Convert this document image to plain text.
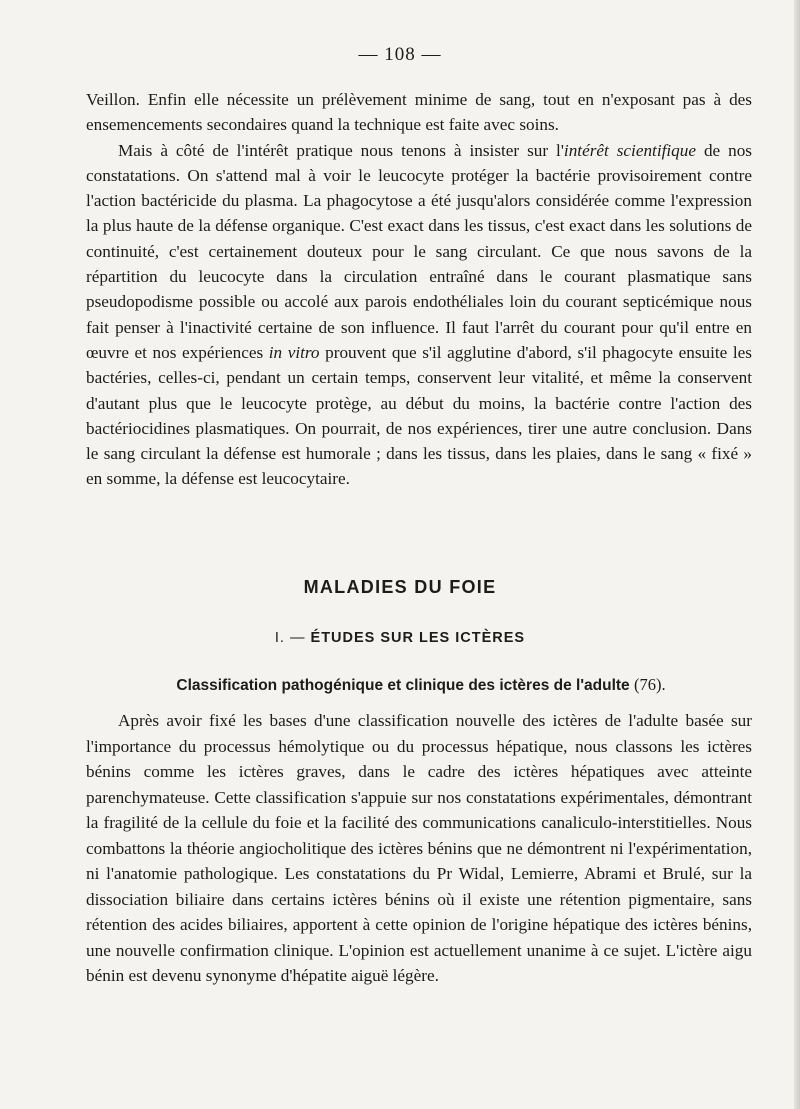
— 108 —

Veillon. Enfin elle nécessite un prélèvement minime de sang, tout en n'exposant pas à des ensemencements secondaires quand la technique est faite avec soins.

Mais à côté de l'intérêt pratique nous tenons à insister sur l'intérêt scientifique de nos constatations. On s'attend mal à voir le leucocyte protéger la bactérie provisoirement contre l'action bactéricide du plasma. La phagocytose a été jusqu'alors considérée comme l'expression la plus haute de la défense organique. C'est exact dans les tissus, c'est exact dans les solutions de continuité, c'est certainement douteux pour le sang circulant. Ce que nous savons de la répartition du leucocyte dans la circulation entraîné dans le courant plasmatique sans pseudopodisme possible ou accolé aux parois endothéliales loin du courant septicémique nous fait penser à l'inactivité certaine de son influence. Il faut l'arrêt du courant pour qu'il entre en œuvre et nos expériences in vitro prouvent que s'il agglutine d'abord, s'il phagocyte ensuite les bactéries, celles-ci, pendant un certain temps, conservent leur vitalité, et même la conservent d'autant plus que le leucocyte protège, au début du moins, la bactérie contre l'action des bactériocidines plasmatiques. On pourrait, de nos expériences, tirer une autre conclusion. Dans le sang circulant la défense est humorale ; dans les tissus, dans les plaies, dans le sang « fixé » en somme, la défense est leucocytaire.

MALADIES DU FOIE
I. — ÉTUDES SUR LES ICTÈRES
Classification pathogénique et clinique des ictères de l'adulte (76).

Après avoir fixé les bases d'une classification nouvelle des ictères de l'adulte basée sur l'importance du processus hémolytique ou du processus hépatique, nous classons les ictères bénins comme les ictères graves, dans le cadre des ictères hépatiques avec atteinte parenchymateuse. Cette classification s'appuie sur nos constatations expérimentales, démontrant la fragilité de la cellule du foie et la facilité des communications canaliculo-interstitielles. Nous combattons la théorie angiocholitique des ictères bénins que ne démontrent ni l'expérimentation, ni l'anatomie pathologique. Les constatations du Pr Widal, Lemierre, Abrami et Brulé, sur la dissociation biliaire dans certains ictères bénins où il existe une rétention pigmentaire, sans rétention des acides biliaires, apportent à cette opinion de l'origine hépatique des ictères bénins, une nouvelle confirmation clinique. L'opinion est actuellement unanime à ce sujet. L'ictère aigu bénin est devenu synonyme d'hépatite aiguë légère.
